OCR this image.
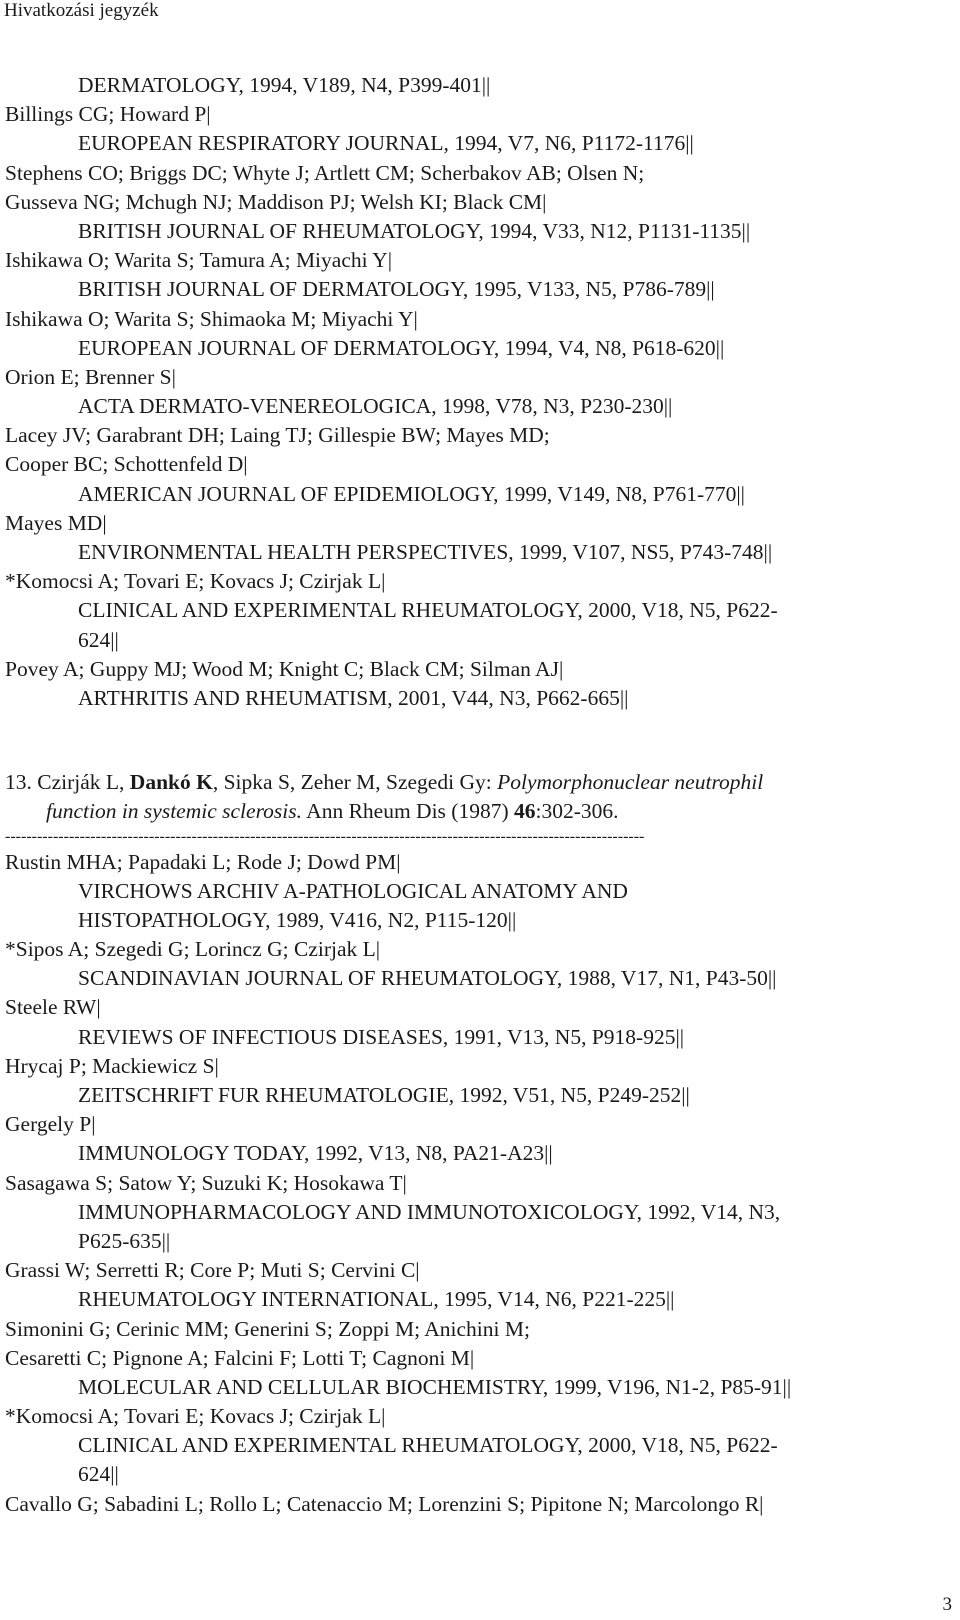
Hivatkozási jegyzék
DERMATOLOGY, 1994, V189, N4, P399-401||
Billings CG; Howard P|
EUROPEAN RESPIRATORY JOURNAL, 1994, V7, N6, P1172-1176||
Stephens CO; Briggs DC; Whyte J; Artlett CM; Scherbakov AB; Olsen N;
Gusseva NG; Mchugh NJ; Maddison PJ; Welsh KI; Black CM|
BRITISH JOURNAL OF RHEUMATOLOGY, 1994, V33, N12, P1131-1135||
Ishikawa O; Warita S; Tamura A; Miyachi Y|
BRITISH JOURNAL OF DERMATOLOGY, 1995, V133, N5, P786-789||
Ishikawa O; Warita S; Shimaoka M; Miyachi Y|
EUROPEAN JOURNAL OF DERMATOLOGY, 1994, V4, N8, P618-620||
Orion E; Brenner S|
ACTA DERMATO-VENEREOLOGICA, 1998, V78, N3, P230-230||
Lacey JV; Garabrant DH; Laing TJ; Gillespie BW; Mayes MD;
Cooper BC; Schottenfeld D|
AMERICAN JOURNAL OF EPIDEMIOLOGY, 1999, V149, N8, P761-770||
Mayes MD|
ENVIRONMENTAL HEALTH PERSPECTIVES, 1999, V107, NS5, P743-748||
*Komocsi A; Tovari E; Kovacs J; Czirjak L|
CLINICAL AND EXPERIMENTAL RHEUMATOLOGY, 2000, V18, N5, P622-
624||
Povey A; Guppy MJ; Wood M; Knight C; Black CM; Silman AJ|
ARTHRITIS AND RHEUMATISM, 2001, V44, N3, P662-665||
13. Czirják L, Dankó K, Sipka S, Zeher M, Szegedi Gy: Polymorphonuclear neutrophil
function in systemic sclerosis. Ann Rheum Dis (1987) 46:302-306.
------------------------------------------------------------------------------------------------------------------------
Rustin MHA; Papadaki L; Rode J; Dowd PM|
VIRCHOWS ARCHIV A-PATHOLOGICAL ANATOMY AND
HISTOPATHOLOGY, 1989, V416, N2, P115-120||
*Sipos A; Szegedi G; Lorincz G; Czirjak L|
SCANDINAVIAN JOURNAL OF RHEUMATOLOGY, 1988, V17, N1, P43-50||
Steele RW|
REVIEWS OF INFECTIOUS DISEASES, 1991, V13, N5, P918-925||
Hrycaj P; Mackiewicz S|
ZEITSCHRIFT FUR RHEUMATOLOGIE, 1992, V51, N5, P249-252||
Gergely P|
IMMUNOLOGY TODAY, 1992, V13, N8, PA21-A23||
Sasagawa S; Satow Y; Suzuki K; Hosokawa T|
IMMUNOPHARMACOLOGY AND IMMUNOTOXICOLOGY, 1992, V14, N3,
P625-635||
Grassi W; Serretti R; Core P; Muti S; Cervini C|
RHEUMATOLOGY INTERNATIONAL, 1995, V14, N6, P221-225||
Simonini G; Cerinic MM; Generini S; Zoppi M; Anichini M;
Cesaretti C; Pignone A; Falcini F; Lotti T; Cagnoni M|
MOLECULAR AND CELLULAR BIOCHEMISTRY, 1999, V196, N1-2, P85-91||
*Komocsi A; Tovari E; Kovacs J; Czirjak L|
CLINICAL AND EXPERIMENTAL RHEUMATOLOGY, 2000, V18, N5, P622-
624||
Cavallo G; Sabadini L; Rollo L; Catenaccio M; Lorenzini S; Pipitone N; Marcolongo R|
3
